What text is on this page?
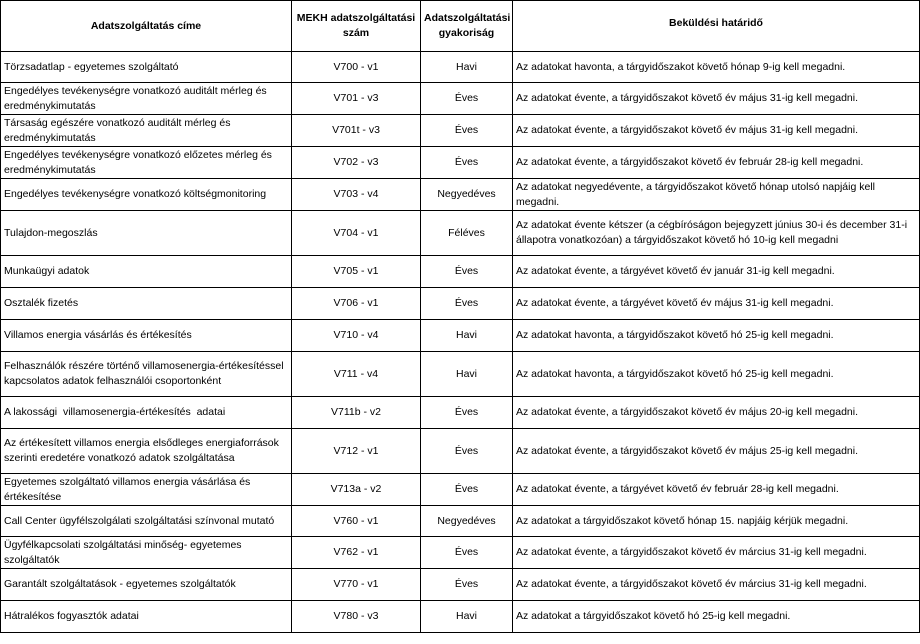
Adatszolgáltatás címe	MEKH adatszolgáltatási szám	Adatszolgáltatási gyakoriság	Beküldési határidő
Törzsadatlap - egyetemes szolgáltató	V700 - v1	Havi	Az adatokat havonta, a tárgyidőszakot követő hónap 9-ig kell megadni.
Engedélyes tevékenységre vonatkozó auditált mérleg és eredménykimutatás	V701 - v3	Éves	Az adatokat évente, a tárgyidőszakot követő év május 31-ig kell megadni.
Társaság egészére vonatkozó auditált mérleg és eredménykimutatás	V701t - v3	Éves	Az adatokat évente, a tárgyidőszakot követő év május 31-ig kell megadni.
Engedélyes tevékenységre vonatkozó előzetes mérleg és eredménykimutatás	V702 - v3	Éves	Az adatokat évente, a tárgyidőszakot követő év február 28-ig kell megadni.
Engedélyes tevékenységre vonatkozó költségmonitoring	V703 - v4	Negyedéves	Az adatokat negyedévente, a tárgyidőszakot követő hónap utolsó napjáig kell megadni.
Tulajdon-megoszlás	V704 - v1	Féléves	Az adatokat évente kétszer (a cégbíróságon bejegyzett június 30-i és december 31-i állapotra vonatkozóan) a tárgyidőszakot követő hó 10-ig kell megadni
Munkaügyi adatok	V705 - v1	Éves	Az adatokat évente, a tárgyévet követő év január 31-ig kell megadni.
Osztalék fizetés	V706 - v1	Éves	Az adatokat évente, a tárgyévet követő év május 31-ig kell megadni.
Villamos energia vásárlás és értékesítés	V710 - v4	Havi	Az adatokat havonta, a tárgyidőszakot követő hó 25-ig kell megadni.
Felhasználók részére történő villamosenergia-értékesítéssel kapcsolatos adatok felhasználói csoportonként	V711 - v4	Havi	Az adatokat havonta, a tárgyidőszakot követő hó 25-ig kell megadni.
A lakossági  villamosenergia-értékesítés  adatai	V711b - v2	Éves	Az adatokat évente, a tárgyidőszakot követő év május 20-ig kell megadni.
Az értékesített villamos energia elsődleges energiaforrások szerinti eredetére vonatkozó adatok szolgáltatása	V712 - v1	Éves	Az adatokat évente, a tárgyidőszakot követő év május 25-ig kell megadni.
Egyetemes szolgáltató villamos energia vásárlása és értékesítése	V713a - v2	Éves	Az adatokat évente, a tárgyévet követő év február 28-ig kell megadni.
Call Center ügyfélszolgálati szolgáltatási színvonal mutató	V760 - v1	Negyedéves	Az adatokat a tárgyidőszakot követő hónap 15. napjáig kérjük megadni.
Ügyfélkapcsolati szolgáltatási minőség- egyetemes szolgáltatók	V762 - v1	Éves	Az adatokat évente, a tárgyidőszakot követő év március 31-ig kell megadni.
Garantált szolgáltatások - egyetemes szolgáltatók	V770 - v1	Éves	Az adatokat évente, a tárgyidőszakot követő év március 31-ig kell megadni.
Hátralékos fogyasztók adatai	V780 - v3	Havi	Az adatokat a tárgyidőszakot követő hó 25-ig kell megadni.
